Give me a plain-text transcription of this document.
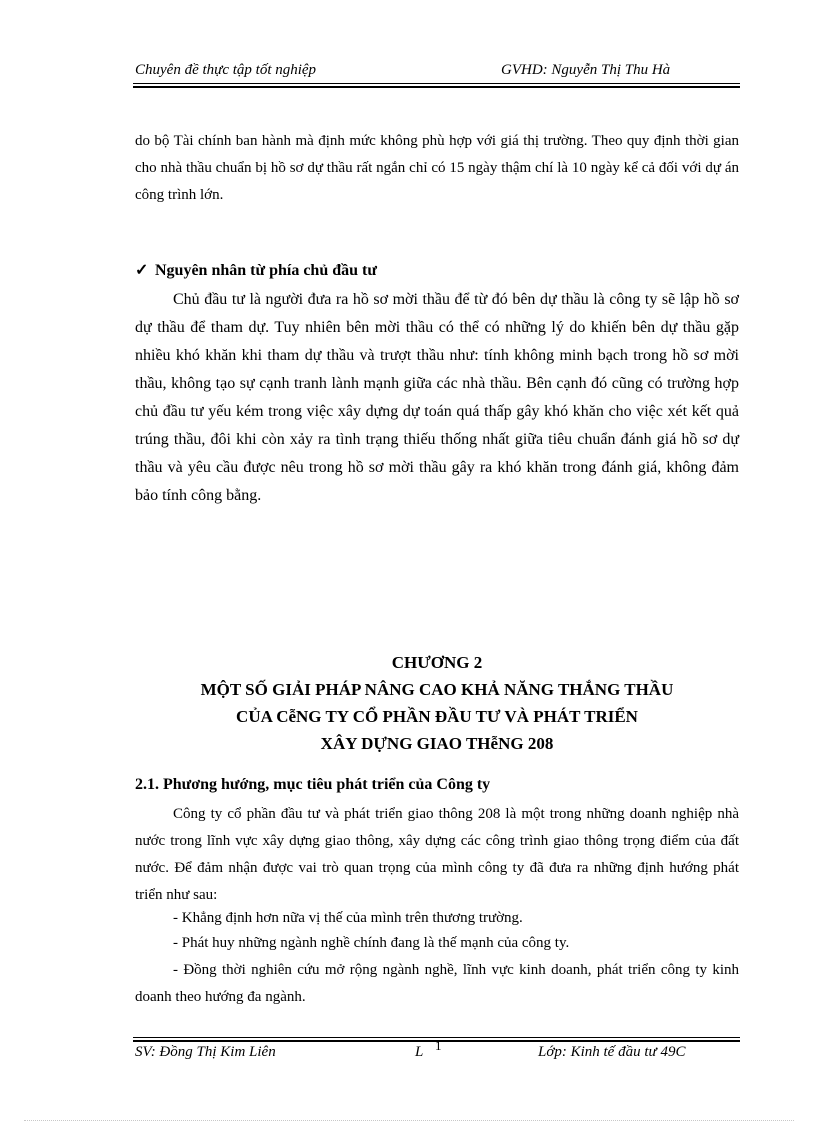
Chuyên đề thực tập tốt nghiệp	GVHD: Nguyễn Thị Thu Hà
do bộ Tài chính ban hành mà định mức không phù hợp với giá thị trường. Theo quy định thời gian cho nhà thầu chuẩn bị hồ sơ dự thầu rất ngắn chỉ có 15 ngày thậm chí là 10 ngày kể cả đối với dự án công trình lớn.
✓ Nguyên nhân từ phía chủ đầu tư
Chủ đầu tư là người đưa ra hồ sơ mời thầu để từ đó bên dự thầu là công ty sẽ lập hồ sơ dự thầu để tham dự. Tuy nhiên bên mời thầu có thể có những lý do khiến bên dự thầu gặp nhiều khó khăn khi tham dự thầu và trượt thầu như: tính không minh bạch trong hồ sơ mời thầu, không tạo sự cạnh tranh lành mạnh giữa các nhà thầu. Bên cạnh đó cũng có trường hợp chủ đầu tư yếu kém trong việc xây dựng dự toán quá thấp gây khó khăn cho việc xét kết quả trúng thầu, đôi khi còn xảy ra tình trạng thiếu thống nhất giữa tiêu chuẩn đánh giá hồ sơ dự thầu và yêu cầu được nêu trong hồ sơ mời thầu gây ra khó khăn trong đánh giá, không đảm bảo tính công bằng.
CHƯƠNG 2
MỘT SỐ GIẢI PHÁP NÂNG CAO KHẢ NĂNG THẮNG THẦU
CỦA CễNG TY CỔ PHẦN ĐẦU TƯ VÀ PHÁT TRIỂN
XÂY DỰNG GIAO THễNG 208
2.1. Phương hướng, mục tiêu phát triển của Công ty
Công ty cổ phần đầu tư và phát triển giao thông 208 là một trong những doanh nghiệp nhà nước trong lĩnh vực xây dựng giao thông, xây dựng các công trình giao thông trọng điểm của đất nước. Để đảm nhận được vai trò quan trọng của mình công ty đã đưa ra những định hướng phát triển như sau:
- Khẳng định hơn nữa vị thế của mình trên thương trường.
- Phát huy những ngành nghề chính đang là thế mạnh của công ty.
- Đồng thời nghiên cứu mở rộng ngành nghề, lĩnh vực kinh doanh, phát triển công ty kinh doanh theo hướng đa ngành.
SV: Đồng Thị Kim Liên	L 1	Lớp: Kinh tế đầu tư 49C
